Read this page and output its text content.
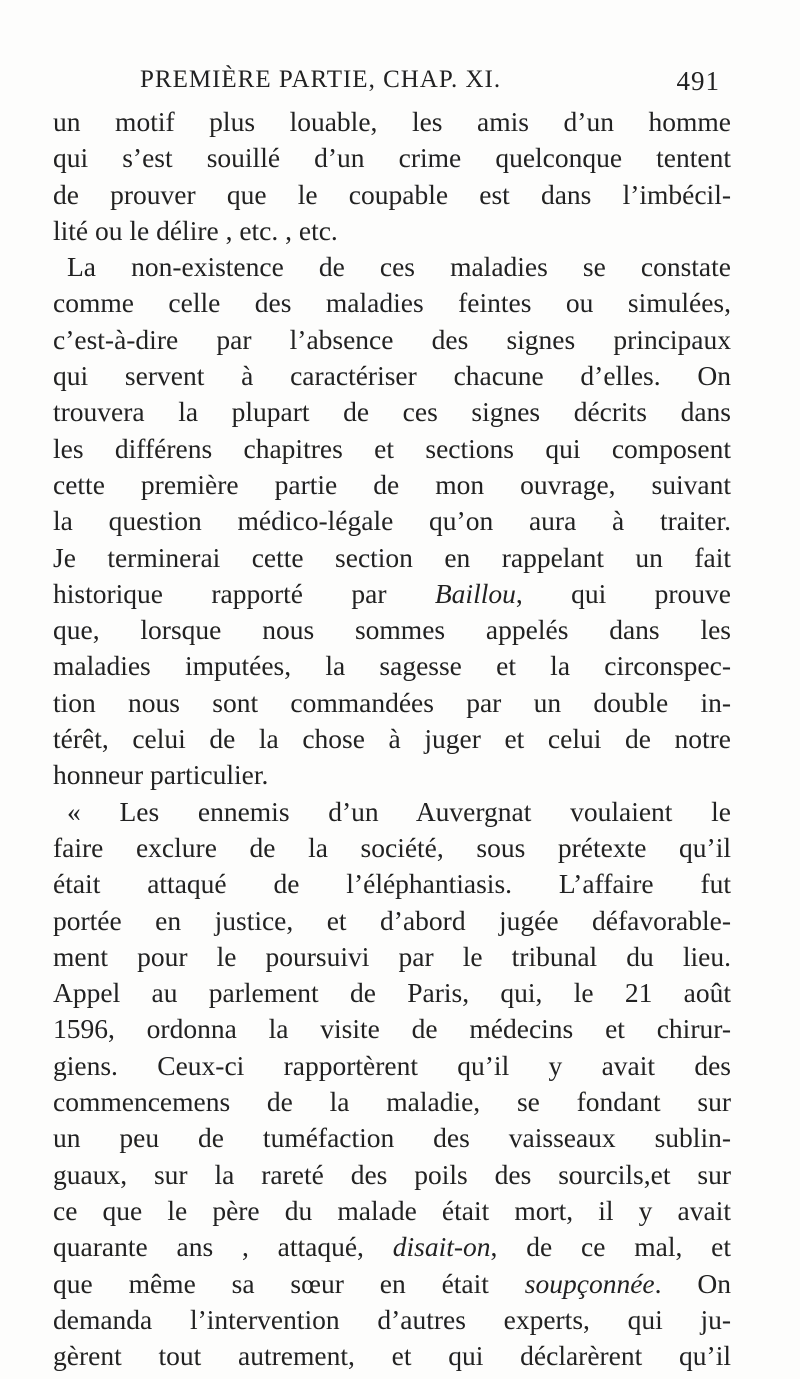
PREMIÈRE PARTIE, CHAP. XI.	491
un motif plus louable, les amis d’un homme
qui s’est souillé d’un crime quelconque tentent
de prouver que le coupable est dans l’imbécil-
lité ou le délire , etc. , etc.
La non-existence de ces maladies se constate
comme celle des maladies feintes ou simulées,
c’est-à-dire par l’absence des signes principaux
qui servent à caractériser chacune d’elles. On
trouvera la plupart de ces signes décrits dans
les différens chapitres et sections qui composent
cette première partie de mon ouvrage, suivant
la question médico-légale qu’on aura à traiter.
Je terminerai cette section en rappelant un fait
historique rapporté par Baillou, qui prouve
que, lorsque nous sommes appelés dans les
maladies imputées, la sagesse et la circonspec-
tion nous sont commandées par un double in-
térêt, celui de la chose à juger et celui de notre
honneur particulier.
« Les ennemis d’un Auvergnat voulaient le
faire exclure de la société, sous prétexte qu’il
était attaqué de l’éléphantiasis. L’affaire fut
portée en justice, et d’abord jugée défavorable-
ment pour le poursuivi par le tribunal du lieu.
Appel au parlement de Paris, qui, le 21 août
1596, ordonna la visite de médecins et chirur-
giens. Ceux-ci rapportèrent qu’il y avait des
commencemens de la maladie, se fondant sur
un peu de tuméfaction des vaisseaux sublin-
guaux, sur la rareté des poils des sourcils,et sur
ce que le père du malade était mort, il y avait
quarante ans , attaqué, disait-on, de ce mal, et
que même sa sœur en était soupçonnée. On
demanda l’intervention d’autres experts, qui ju-
gèrent tout autrement, et qui déclarèrent qu’il
